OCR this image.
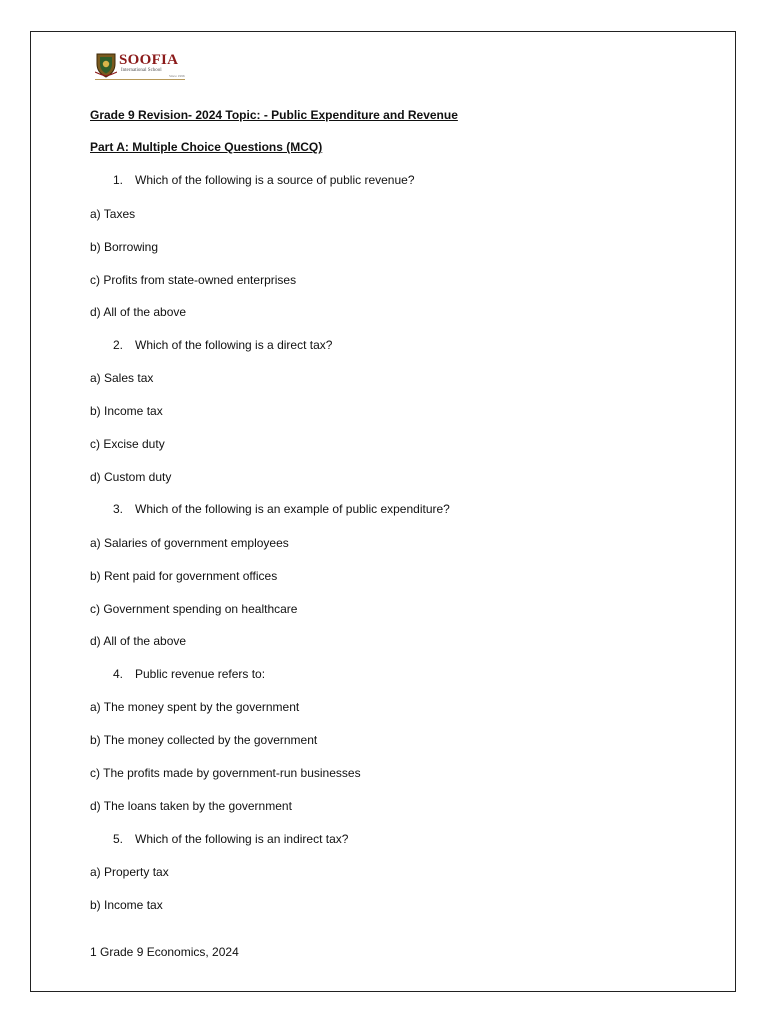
SOOFIA
International School
Since 1996
Grade 9 Revision- 2024 Topic: - Public Expenditure and Revenue
Part A: Multiple Choice Questions (MCQ)
1. Which of the following is a source of public revenue?
a) Taxes
b) Borrowing
c) Profits from state-owned enterprises
d) All of the above
2. Which of the following is a direct tax?
a) Sales tax
b) Income tax
c) Excise duty
d) Custom duty
3. Which of the following is an example of public expenditure?
a) Salaries of government employees
b) Rent paid for government offices
c) Government spending on healthcare
d) All of the above
4. Public revenue refers to:
a) The money spent by the government
b) The money collected by the government
c) The profits made by government-run businesses
d) The loans taken by the government
5. Which of the following is an indirect tax?
a) Property tax
b) Income tax
1 Grade 9 Economics, 2024
